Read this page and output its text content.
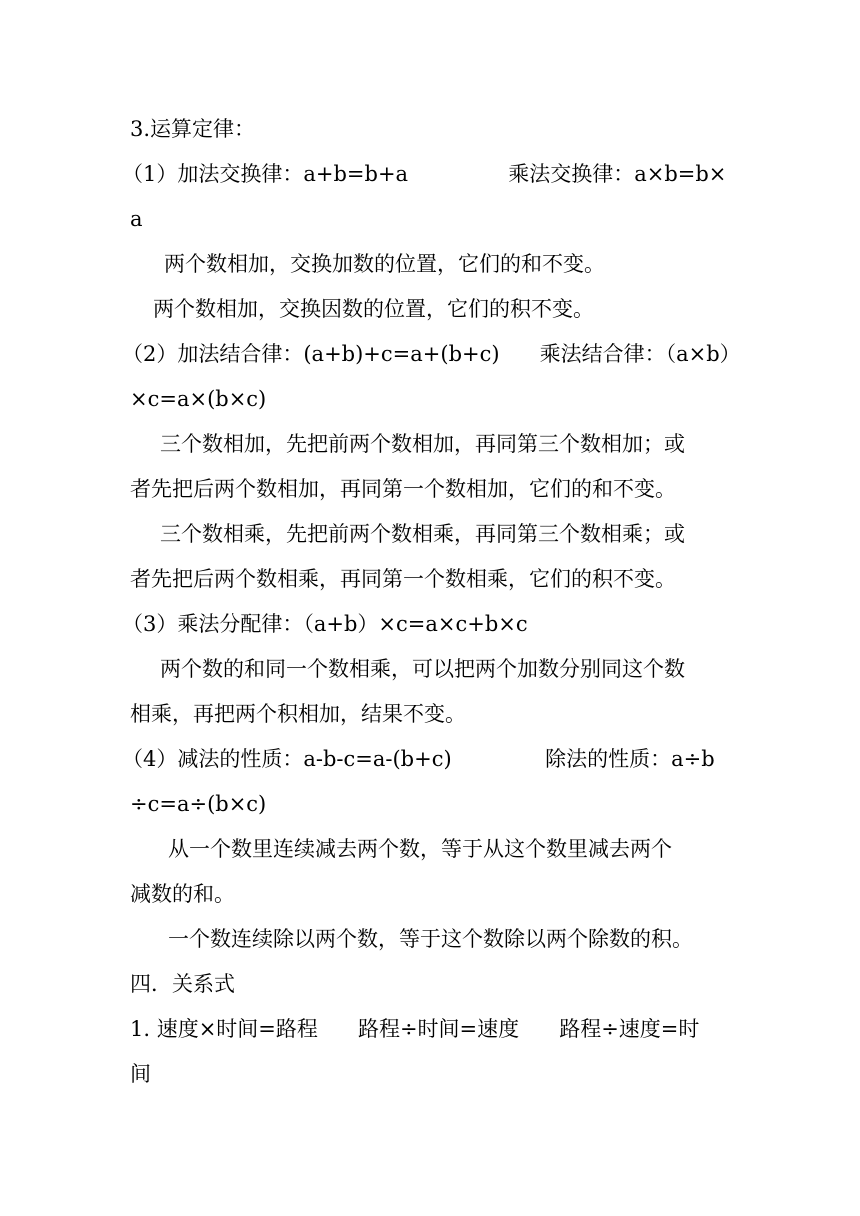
3.运算定律：
（1）加法交换律：a+b=b+a               乘法交换律：a×b=b×
a
两个数相加，交换加数的位置，它们的和不变。
两个数相加，交换因数的位置，它们的积不变。
（2）加法结合律：(a+b)+c=a+(b+c)      乘法结合律：（a×b）
×c=a×(b×c)
三个数相加，先把前两个数相加，再同第三个数相加；或
者先把后两个数相加，再同第一个数相加，它们的和不变。
三个数相乘，先把前两个数相乘，再同第三个数相乘；或
者先把后两个数相乘，再同第一个数相乘，它们的积不变。
（3）乘法分配律：（a+b）×c=a×c+b×c
两个数的和同一个数相乘，可以把两个加数分别同这个数
相乘，再把两个积相加，结果不变。
（4）减法的性质：a-b-c=a-(b+c)              除法的性质：a÷b
÷c=a÷(b×c)
从一个数里连续减去两个数，等于从这个数里减去两个
减数的和。
一个数连续除以两个数，等于这个数除以两个除数的积。
四．关系式
1. 速度×时间=路程      路程÷时间=速度      路程÷速度=时
间
